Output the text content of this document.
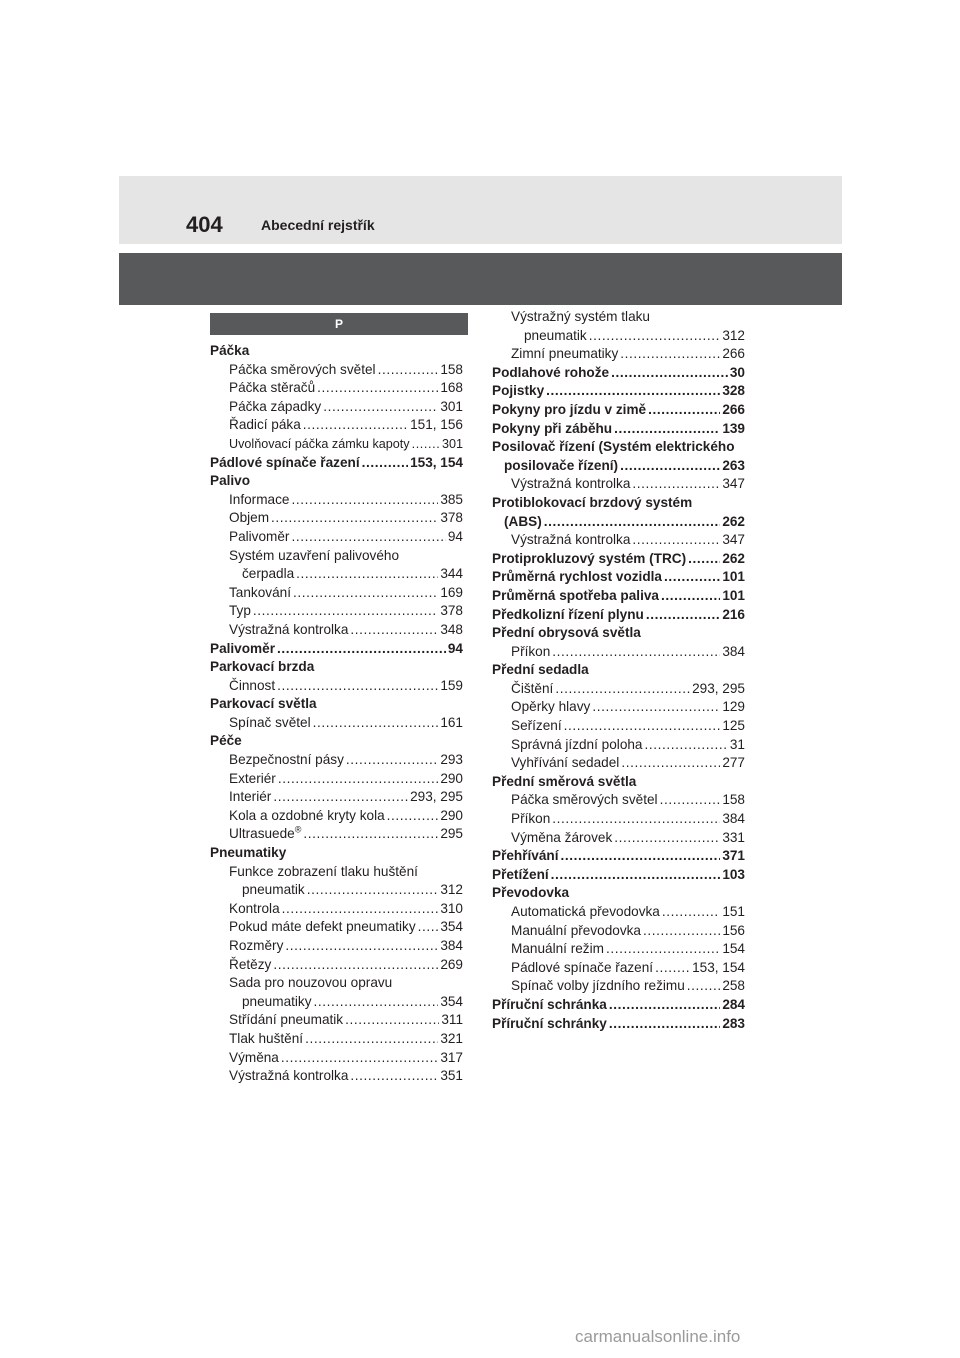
404	Abecední rejstřík
P
Páčka
Páčka směrových světel .....	158
Páčka stěračů .....	168
Páčka západky .....	301
Řadicí páka .....	151, 156
Uvolňovací páčka zámku kapoty .....	301
Pádlové spínače řazení .....	153, 154
Palivo
Informace .....	385
Objem .....	378
Palivoměr .....	94
Systém uzavření palivového
čerpadla .....	344
Tankování .....	169
Typ .....	378
Výstražná kontrolka .....	348
Palivoměr .....	94
Parkovací brzda
Činnost .....	159
Parkovací světla
Spínač světel .....	161
Péče
Bezpečnostní pásy .....	293
Exteriér .....	290
Interiér .....	293, 295
Kola a ozdobné kryty kola .....	290
Ultrasuede® .....	295
Pneumatiky
Funkce zobrazení tlaku huštění
pneumatik .....	312
Kontrola .....	310
Pokud máte defekt pneumatiky ..... 354
Rozměry .....	384
Řetězy .....	269
Sada pro nouzovou opravu
pneumatiky .....	354
Střídání pneumatik .....	311
Tlak huštění .....	321
Výměna .....	317
Výstražná kontrolka .....	351
Výstražný systém tlaku
pneumatik .....	312
Zimní pneumatiky .....	266
Podlahové rohože .....	30
Pojistky .....	328
Pokyny pro jízdu v zimě .....	266
Pokyny při záběhu .....	139
Posilovač řízení (Systém elektrického
posilovače řízení) .....	263
Výstražná kontrolka .....	347
Protiblokovací brzdový systém
(ABS) .....	262
Výstražná kontrolka .....	347
Protiprokluzový systém (TRC) .....	262
Průměrná rychlost vozidla .....	101
Průměrná spotřeba paliva .....	101
Předkolizní řízení plynu .....	216
Přední obrysová světla
Příkon .....	384
Přední sedadla
Čištění .....	293, 295
Opěrky hlavy .....	129
Seřízení .....	125
Správná jízdní poloha .....	31
Vyhřívání sedadel .....	277
Přední směrová světla
Páčka směrových světel .....	158
Příkon .....	384
Výměna žárovek .....	331
Přehřívání .....	371
Přetížení .....	103
Převodovka
Automatická převodovka .....	151
Manuální převodovka .....	156
Manuální režim .....	154
Pádlové spínače řazení .....	153, 154
Spínač volby jízdního režimu .....	258
Příruční schránka .....	284
Příruční schránky .....	283
carmanualsonline.info
